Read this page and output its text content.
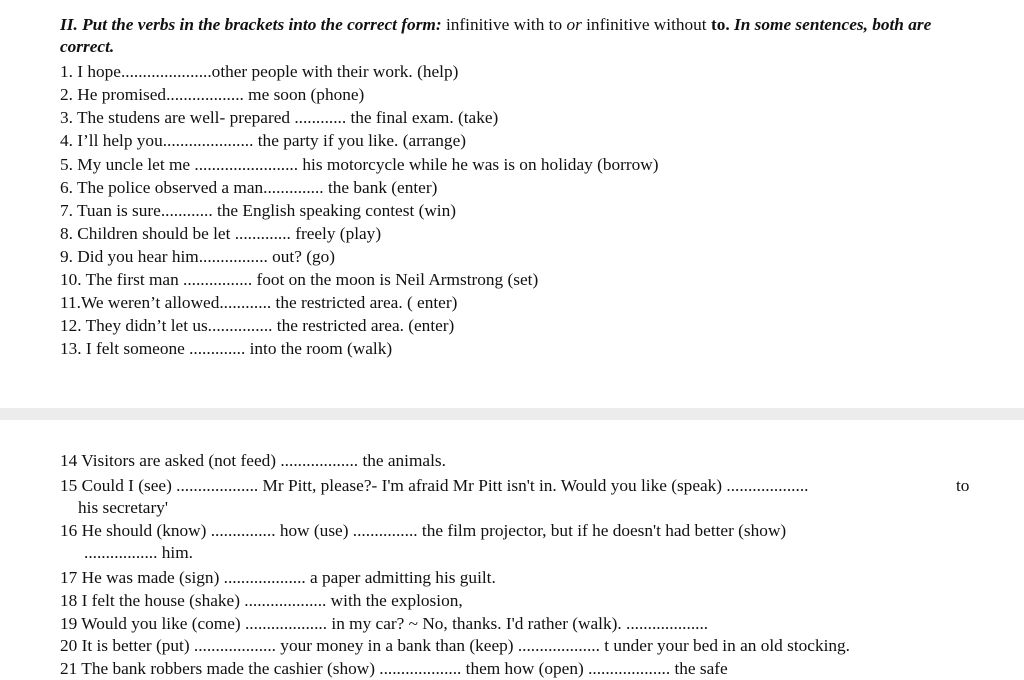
II. Put the verbs in the brackets into the correct form: infinitive with to or infinitive without to. In some sentences, both are correct.
1. I hope.....................other people with their work. (help)
2. He promised.................. me soon (phone)
3. The studens are well- prepared ............ the final exam. (take)
4. I’ll help you..................... the party if you like. (arrange)
5. My uncle let me ........................ his motorcycle while he was is on holiday (borrow)
6. The police observed a man.............. the bank (enter)
7. Tuan is sure............ the English speaking contest (win)
8. Children should be let ............. freely (play)
9. Did you hear him................ out? (go)
10. The first man ................ foot on the moon is Neil Armstrong (set)
11.We weren’t allowed............ the restricted area. ( enter)
12. They didn’t let us............... the restricted area. (enter)
13. I felt someone ............. into the room (walk)
14 Visitors are asked (not feed) .................. the animals.
15 Could I (see) ................... Mr Pitt, please?- I'm afraid Mr Pitt isn't in. Would you like (speak) ...................	to
his secretary'
16 He should (know) ............... how (use) ............... the film projector, but if he doesn't had better (show)
................. him.
17 He was made (sign) ................... a paper admitting his guilt.
18 I felt the house (shake) ................... with the explosion,
19 Would you like (come) ................... in my car? ~ No, thanks. I'd rather (walk). ...................
20 It is better (put) ................... your money in a bank than (keep) ................... t under your bed in an old stocking.
21 The bank robbers made the cashier (show) ................... them how (open) ................... the safe
